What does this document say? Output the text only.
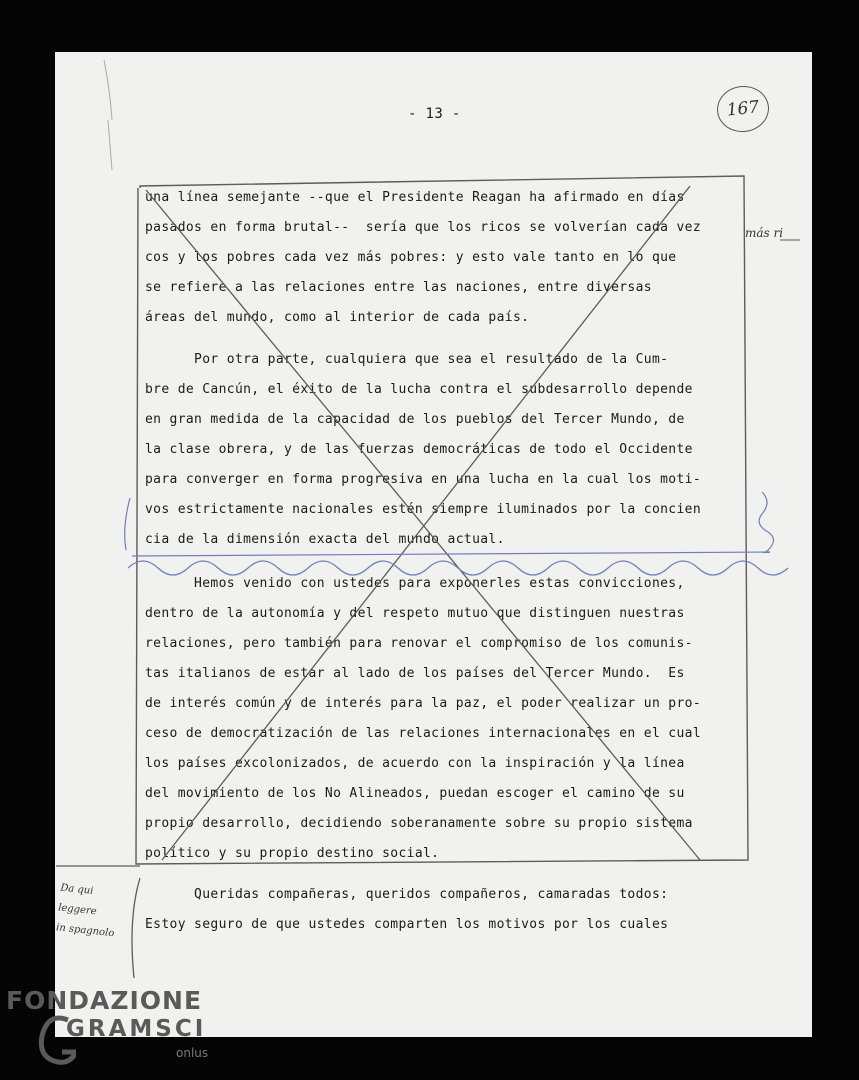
- 13 -	167
una línea semejante --que el Presidente Reagan ha afirmado en días
pasados en forma brutal--  sería que los ricos se volverían cada vez
cos y los pobres cada vez más pobres: y esto vale tanto en lo que
se refiere a las relaciones entre las naciones, entre diversas
áreas del mundo, como al interior de cada país.
Por otra parte, cualquiera que sea el resultado de la Cum-
bre de Cancún, el éxito de la lucha contra el subdesarrollo depende
en gran medida de la capacidad de los pueblos del Tercer Mundo, de
la clase obrera, y de las fuerzas democráticas de todo el Occidente
para converger en forma progresiva en una lucha en la cual los moti-
vos estrictamente nacionales estén siempre iluminados por la concien
cia de la dimensión exacta del mundo actual.
Hemos venido con ustedes para exponerles estas convicciones,
dentro de la autonomía y del respeto mutuo que distinguen nuestras
relaciones, pero también para renovar el compromiso de los comunis-
tas italianos de estar al lado de los países del Tercer Mundo.  Es
de interés común y de interés para la paz, el poder realizar un pro-
ceso de democratización de las relaciones internacionales en el cual
los países excolonizados, de acuerdo con la inspiración y la línea
del movimiento de los No Alineados, puedan escoger el camino de su
propio desarrollo, decidiendo soberanamente sobre su propio sistema
político y su propio destino social.
Queridas compañeras, queridos compañeros, camaradas todos:
Estoy seguro de que ustedes comparten los motivos por los cuales
más ri
Da qui
leggere
in spagnolo
FONDAZIONE
GRAMSCI
onlus
